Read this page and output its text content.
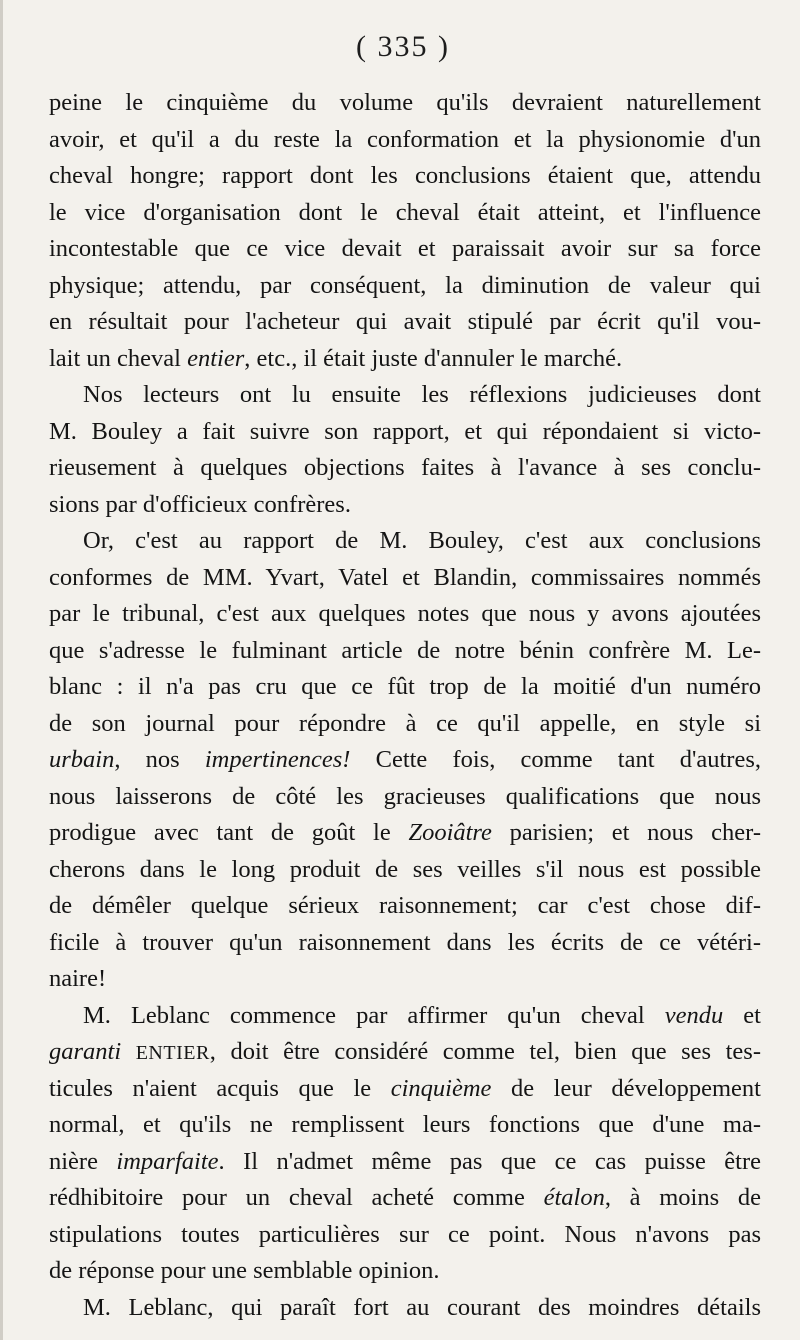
( 335 )
peine le cinquième du volume qu'ils devraient naturellement
avoir, et qu'il a du reste la conformation et la physionomie d'un
cheval hongre; rapport dont les conclusions étaient que, attendu
le vice d'organisation dont le cheval était atteint, et l'influence
incontestable que ce vice devait et paraissait avoir sur sa force
physique; attendu, par conséquent, la diminution de valeur qui
en résultait pour l'acheteur qui avait stipulé par écrit qu'il vou-
lait un cheval entier, etc., il était juste d'annuler le marché.
Nos lecteurs ont lu ensuite les réflexions judicieuses dont
M. Bouley a fait suivre son rapport, et qui répondaient si victo-
rieusement à quelques objections faites à l'avance à ses conclu-
sions par d'officieux confrères.
Or, c'est au rapport de M. Bouley, c'est aux conclusions
conformes de MM. Yvart, Vatel et Blandin, commissaires nommés
par le tribunal, c'est aux quelques notes que nous y avons ajoutées
que s'adresse le fulminant article de notre bénin confrère M. Le-
blanc : il n'a pas cru que ce fût trop de la moitié d'un numéro
de son journal pour répondre à ce qu'il appelle, en style si
urbain, nos impertinences! Cette fois, comme tant d'autres,
nous laisserons de côté les gracieuses qualifications que nous
prodigue avec tant de goût le Zooiâtre parisien; et nous cher-
cherons dans le long produit de ses veilles s'il nous est possible
de démêler quelque sérieux raisonnement; car c'est chose dif-
ficile à trouver qu'un raisonnement dans les écrits de ce vétéri-
naire!
M. Leblanc commence par affirmer qu'un cheval vendu et
garanti ENTIER, doit être considéré comme tel, bien que ses tes-
ticules n'aient acquis que le cinquième de leur développement
normal, et qu'ils ne remplissent leurs fonctions que d'une ma-
nière imparfaite. Il n'admet même pas que ce cas puisse être
rédhibitoire pour un cheval acheté comme étalon, à moins de
stipulations toutes particulières sur ce point. Nous n'avons pas
de réponse pour une semblable opinion.
M. Leblanc, qui paraît fort au courant des moindres détails
